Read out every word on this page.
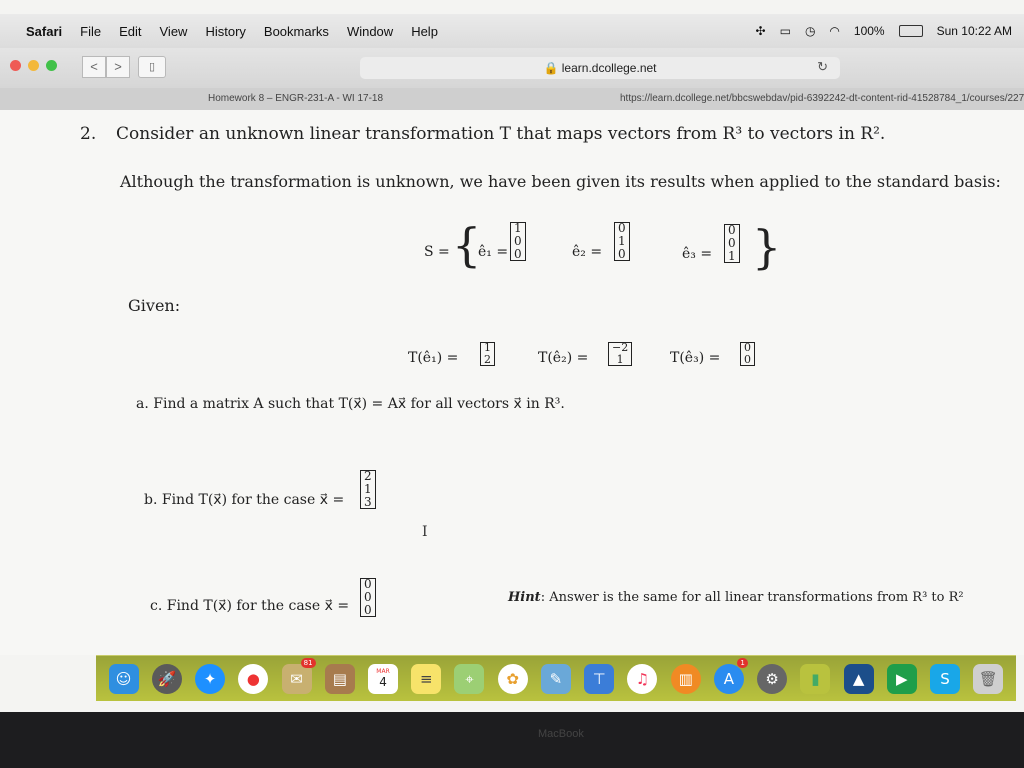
Safari File Edit View History Bookmarks Window Help	✣ ▭ ◷ ◠ 100%	Sun 10:22 AM
<	>	▯	🔒 learn.dcollege.net	↻
Homework 8 – ENGR-231-A - WI 17-18	https://learn.dcollege.net/bbcswebdav/pid-6392242-dt-content-rid-41528784_1/courses/227
2. Consider an unknown linear transformation T that maps vectors from R³ to vectors in R².
Although the transformation is unknown, we have been given its results when applied to the standard basis:
S = {
ê₁ =
1
0
0	ê₂ =
0
1
0	ê₃ =
0
0
1 }
Given:
T(ê₁) =
1
2	T(ê₂) =
−2
1	T(ê₃) =
0
0
a. Find a matrix A such that T(x⃗) = Ax⃗ for all vectors x⃗ in R³.
b. Find T(x⃗) for the case x⃗ =
2
1
3
I
c. Find T(x⃗) for the case x⃗ =
0
0
0
Hint: Answer is the same for all linear transformations from R³ to R²
☺	🚀	✦	●	✉
81
▤	MAR
4	≡	⌖	✿	✎	⊤	♫	▥	A
1
⚙	▮	▲	▶	S	🗑
MacBook
